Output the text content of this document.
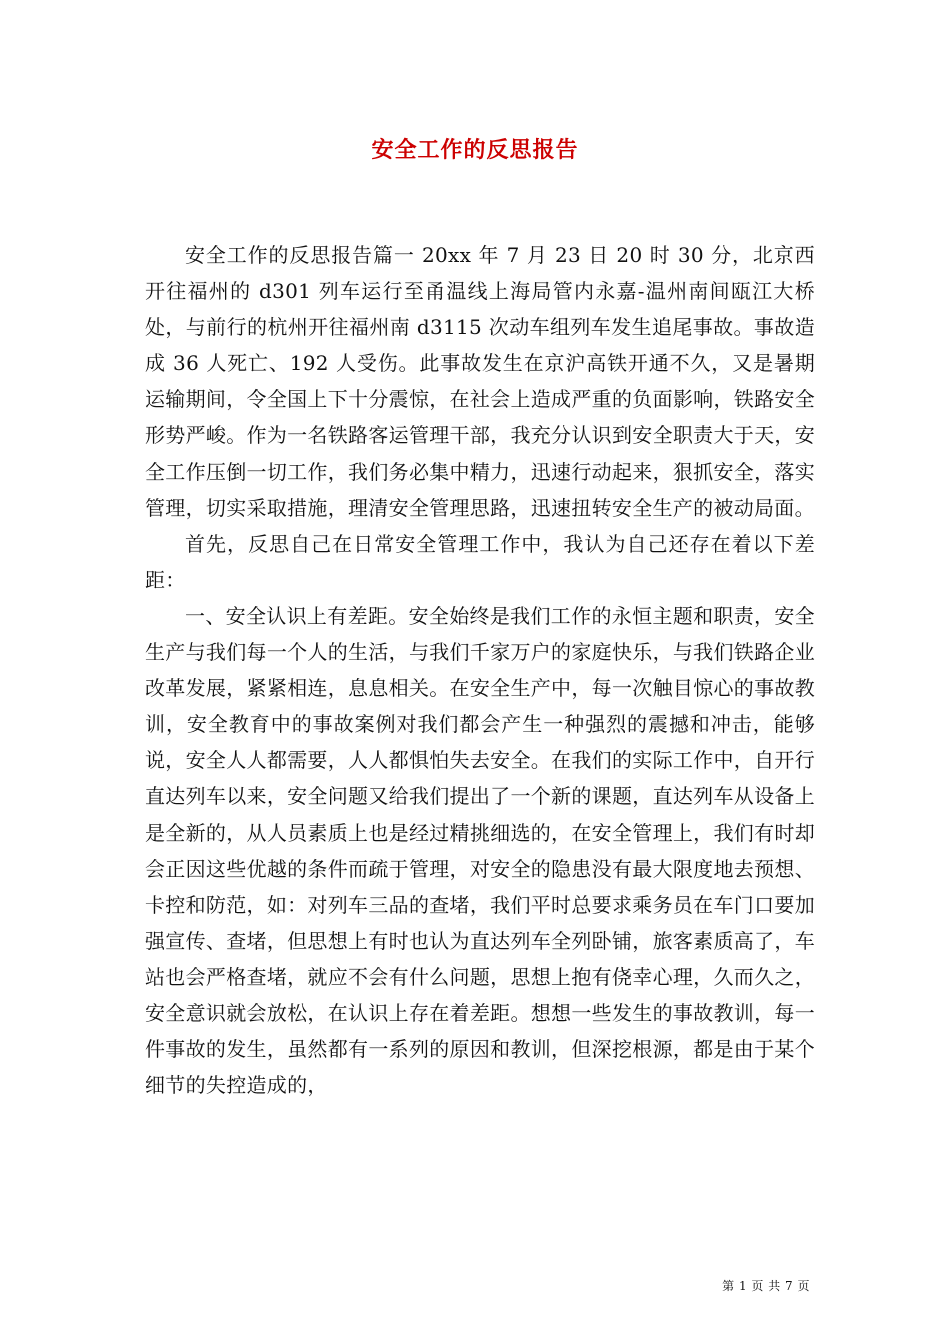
安全工作的反思报告

安全工作的反思报告篇一 20xx 年 7 月 23 日 20 时 30 分，北京西开往福州的 d301 列车运行至甬温线上海局管内永嘉-温州南间瓯江大桥处，与前行的杭州开往福州南 d3115 次动车组列车发生追尾事故。事故造成 36 人死亡、192 人受伤。此事故发生在京沪高铁开通不久，又是暑期运输期间，令全国上下十分震惊，在社会上造成严重的负面影响，铁路安全形势严峻。作为一名铁路客运管理干部，我充分认识到安全职责大于天，安全工作压倒一切工作，我们务必集中精力，迅速行动起来，狠抓安全，落实管理，切实采取措施，理清安全管理思路，迅速扭转安全生产的被动局面。

首先，反思自己在日常安全管理工作中，我认为自己还存在着以下差距：

一、安全认识上有差距。安全始终是我们工作的永恒主题和职责，安全生产与我们每一个人的生活，与我们千家万户的家庭快乐，与我们铁路企业改革发展，紧紧相连，息息相关。在安全生产中，每一次触目惊心的事故教训，安全教育中的事故案例对我们都会产生一种强烈的震撼和冲击，能够说，安全人人都需要，人人都惧怕失去安全。在我们的实际工作中，自开行直达列车以来，安全问题又给我们提出了一个新的课题，直达列车从设备上是全新的，从人员素质上也是经过精挑细选的，在安全管理上，我们有时却会正因这些优越的条件而疏于管理，对安全的隐患没有最大限度地去预想、卡控和防范，如：对列车三品的查堵，我们平时总要求乘务员在车门口要加强宣传、查堵，但思想上有时也认为直达列车全列卧铺，旅客素质高了，车站也会严格查堵，就应不会有什么问题，思想上抱有侥幸心理，久而久之，安全意识就会放松，在认识上存在着差距。想想一些发生的事故教训，每一件事故的发生，虽然都有一系列的原因和教训，但深挖根源，都是由于某个细节的失控造成的，

第 1 页 共 7 页
